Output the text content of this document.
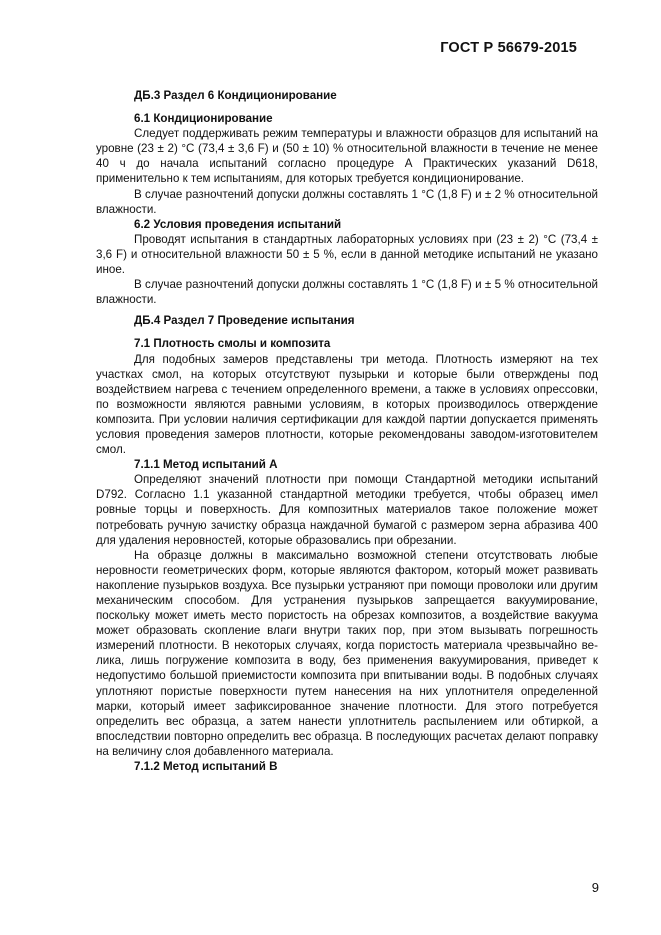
ГОСТ Р 56679-2015
ДБ.3 Раздел 6 Кондиционирование
6.1 Кондиционирование

Следует поддерживать режим температуры и влажности образцов для испытаний на уровне (23 ± 2) °С (73,4 ± 3,6 F) и (50 ± 10) % относительной влажности в течение не менее 40 ч до начала испытаний согласно процедуре А Практических указаний D618, применительно к тем испытаниям, для которых требуется кондиционирование.

В случае разночтений допуски должны составлять 1 °С (1,8 F) и ± 2 % относительной влажности.

6.2 Условия проведения испытаний

Проводят испытания в стандартных лабораторных условиях при (23 ± 2) °С (73,4 ± 3,6 F) и относительной влажности 50 ± 5 %, если в данной методике испытаний не указано иное.

В случае разночтений допуски должны составлять 1 °С (1,8 F) и ± 5 % относительной влажности.

ДБ.4 Раздел 7 Проведение испытания
7.1 Плотность смолы и композита

Для подобных замеров представлены три метода. Плотность измеряют на тех участках смол, на которых отсутствуют пузырьки и которые были отверждены под воздействием нагрева с течением определенного времени, а также в условиях опрессовки, по возможности являются равными условиям, в которых производилось отверждение композита. При условии наличия сертификации для каждой партии допускается применять условия проведения замеров плотности, которые рекомендованы заводом-изготовителем смол.

7.1.1 Метод испытаний А

Определяют значений плотности при помощи Стандартной методики испытаний D792. Согласно 1.1 указанной стандартной методики требуется, чтобы образец имел ровные торцы и поверхность. Для композитных материалов такое положение может потребовать ручную зачистку образца наждачной бумагой с размером зерна абразива 400 для удаления неровностей, которые образовались при обрезании.

На образце должны в максимально возможной степени отсутствовать любые неровности геометрических форм, которые являются фактором, который может развивать накопление пузырьков воздуха. Все пузырьки устраняют при помощи проволоки или другим механическим способом. Для устранения пузырьков запрещается вакуумирование, поскольку может иметь место пористость на обрезах композитов, а воздействие вакуума может образовать скопление влаги внутри таких пор, при этом вызывать погрешность измерений плотности. В некоторых случаях, когда пористость материала чрезвычайно велика, лишь погружение композита в воду, без применения вакуумирования, приведет к недопустимо большой приемистости композита при впитывании воды. В подобных случаях уплотняют пористые поверхности путем нанесения на них уплотнителя определенной марки, который имеет зафиксированное значение плотности. Для этого потребуется определить вес образца, а затем нанести уплотнитель распылением или обтиркой, а впоследствии повторно определить вес образца. В последующих расчетах делают поправку на величину слоя добавленного материала.

7.1.2 Метод испытаний В
9
